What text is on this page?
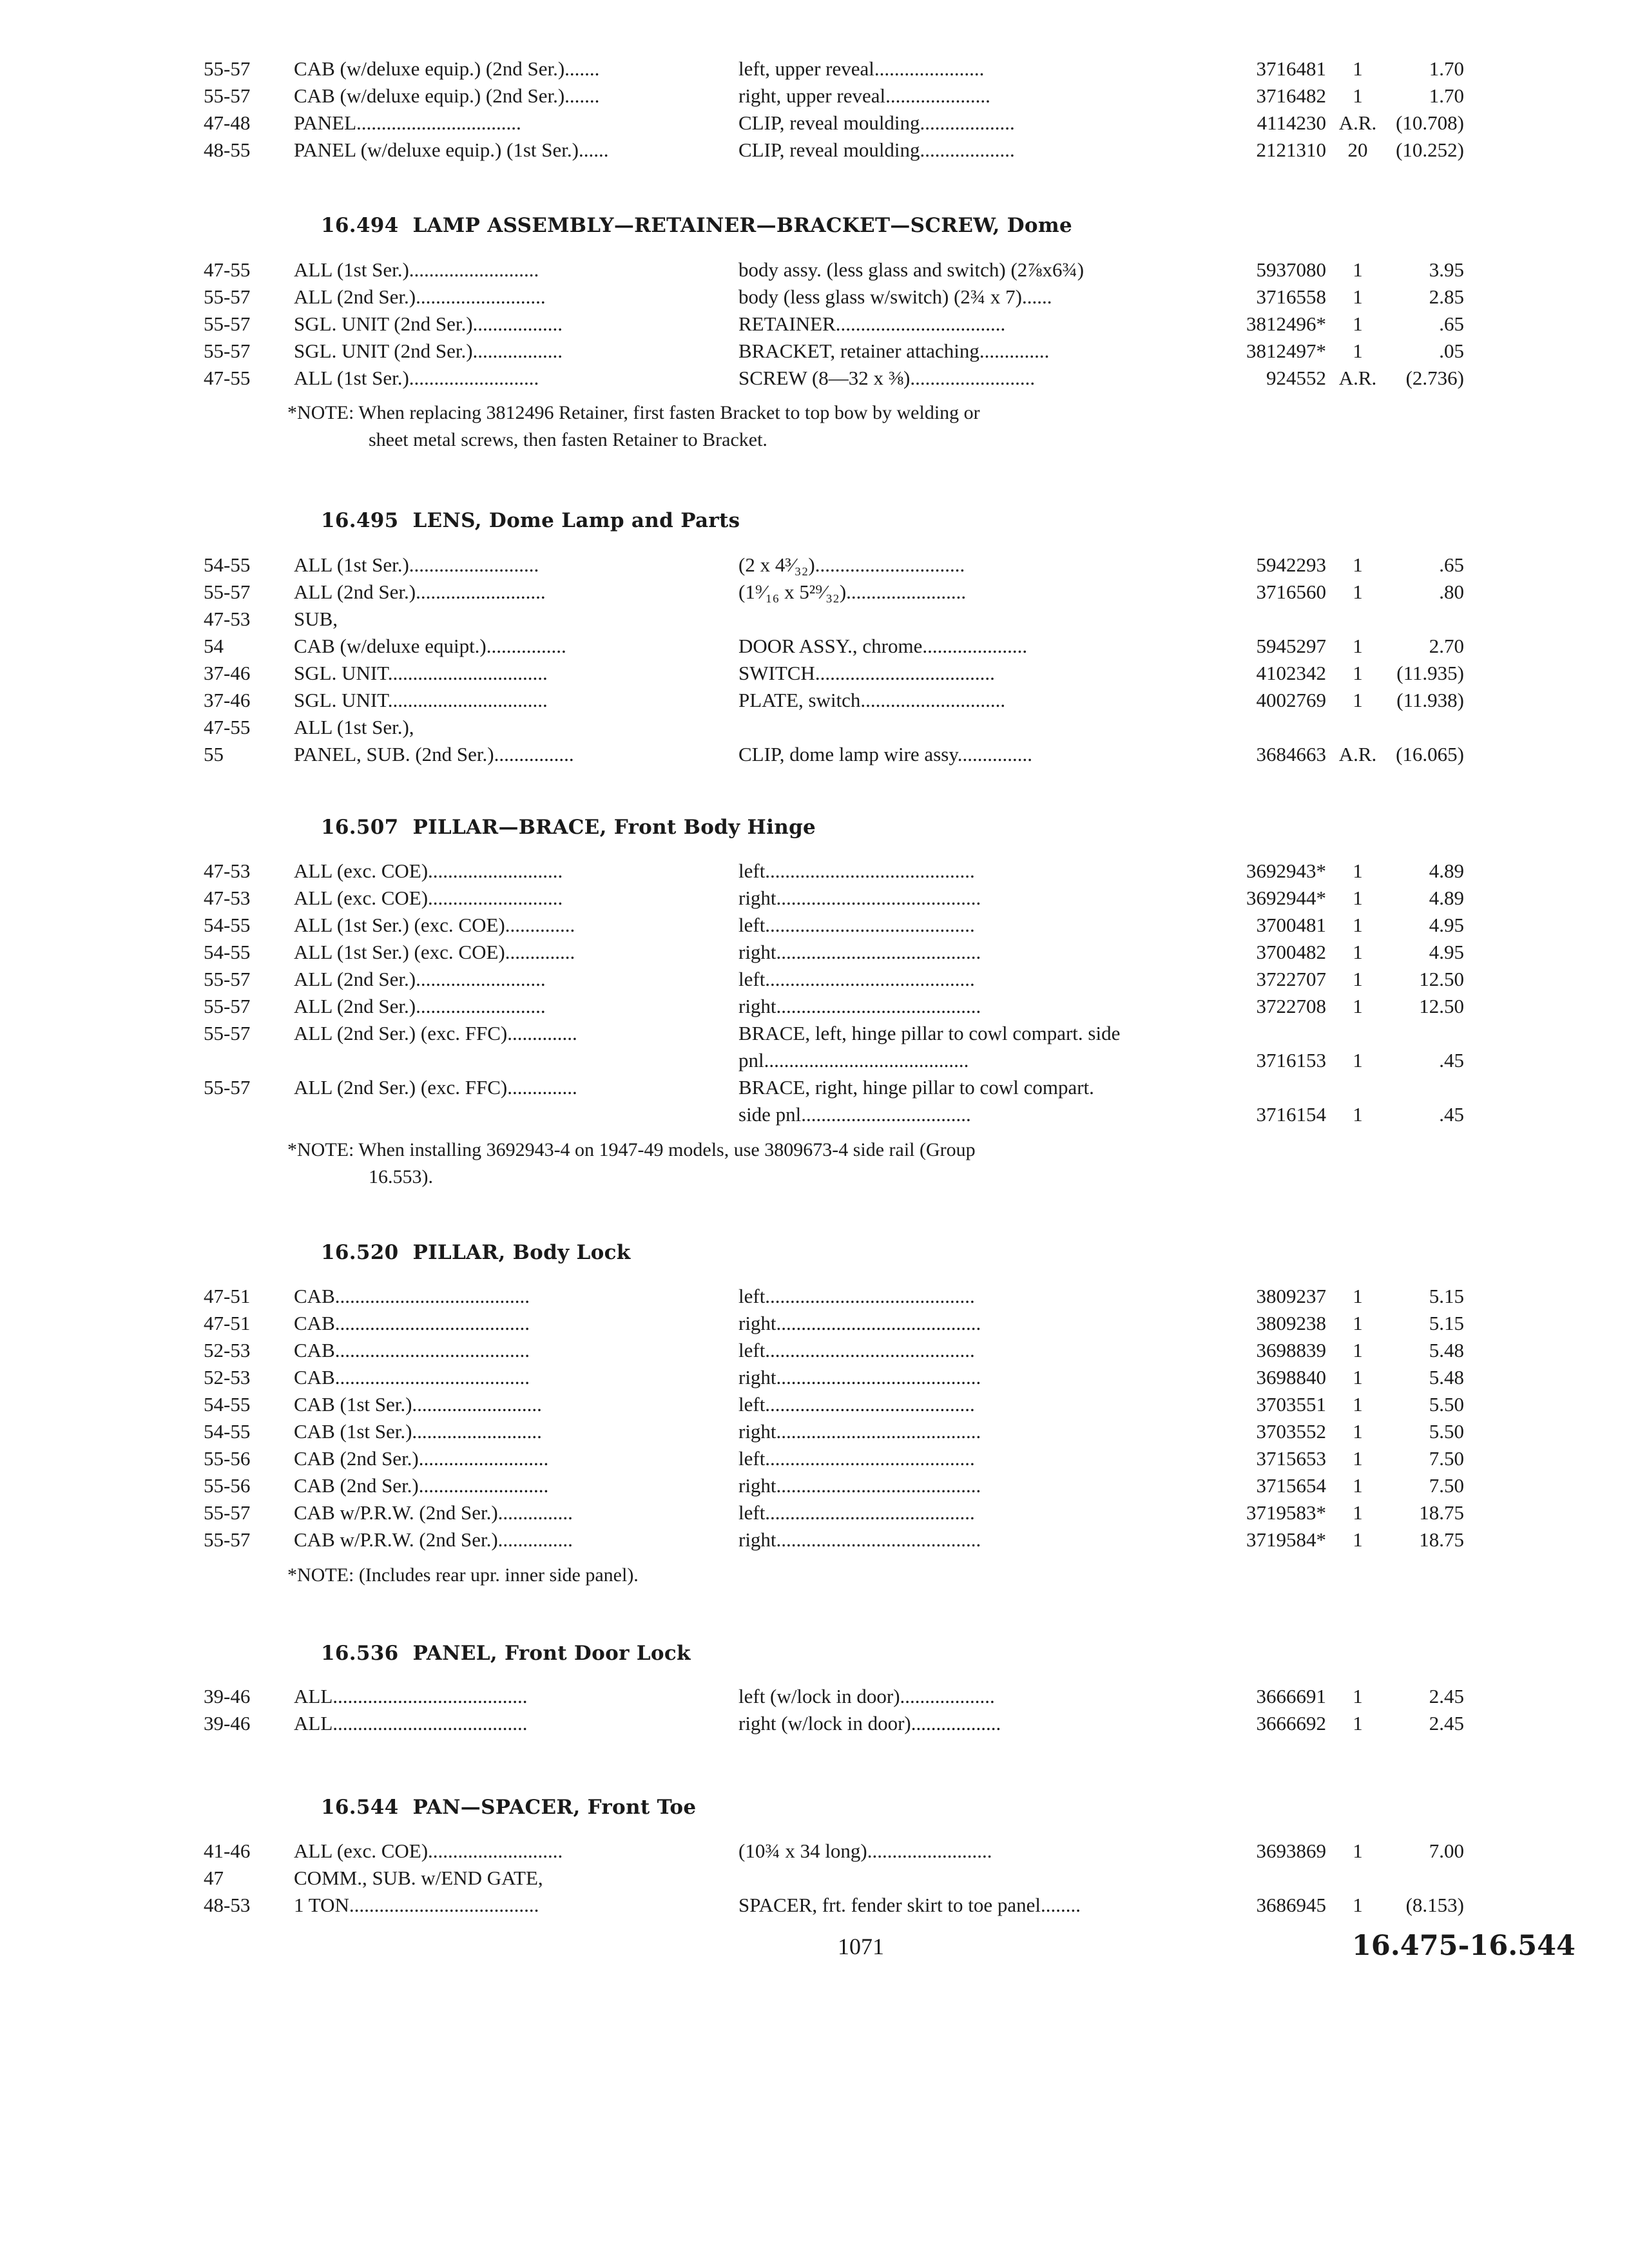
55-57	CAB (w/deluxe equip.) (2nd Ser.).......	left, upper reveal......................	3716481	1	1.70
55-57	CAB (w/deluxe equip.) (2nd Ser.).......	right, upper reveal.....................	3716482	1	1.70
47-48	PANEL.................................	CLIP, reveal moulding...................	4114230 A.R. (10.708)
48-55	PANEL (w/deluxe equip.) (1st Ser.)......	CLIP, reveal moulding...................	2121310	20	(10.252)
16.494 LAMP ASSEMBLY—RETAINER—BRACKET—SCREW, Dome
47-55	ALL (1st Ser.)..........................	body assy. (less glass and switch) (2⅞x6¾)	5937080	1	3.95
55-57	ALL (2nd Ser.)..........................	body (less glass w/switch) (2¾ x 7)......	3716558	1	2.85
55-57	SGL. UNIT (2nd Ser.)..................	RETAINER..................................	3812496*	1	.65
55-57	SGL. UNIT (2nd Ser.)..................	BRACKET, retainer attaching..............	3812497*	1	.05
47-55	ALL (1st Ser.)..........................	SCREW (8—32 x ⅜).........................	924552 A.R.	(2.736)
*NOTE: When replacing 3812496 Retainer, first fasten Bracket to top bow by welding or
sheet metal screws, then fasten Retainer to Bracket.
16.495 LENS, Dome Lamp and Parts
54-55	ALL (1st Ser.)..........................	(2 x 4³⁄₃₂)..............................	5942293	1	.65
55-57	ALL (2nd Ser.)..........................	(1⁹⁄₁₆ x 5²⁹⁄₃₂)........................	3716560	1	.80
47-53	SUB,
54	CAB (w/deluxe equipt.)................	DOOR ASSY., chrome.....................	5945297	1	2.70
37-46	SGL. UNIT................................	SWITCH....................................	4102342	1	(11.935)
37-46	SGL. UNIT................................	PLATE, switch.............................	4002769	1	(11.938)
47-55	ALL (1st Ser.),
55	PANEL, SUB. (2nd Ser.)................	CLIP, dome lamp wire assy...............	3684663 A.R. (16.065)
16.507 PILLAR—BRACE, Front Body Hinge
47-53	ALL (exc. COE)...........................	left..........................................	3692943*	1	4.89
47-53	ALL (exc. COE)...........................	right.........................................	3692944*	1	4.89
54-55	ALL (1st Ser.) (exc. COE)..............	left..........................................	3700481	1	4.95
54-55	ALL (1st Ser.) (exc. COE)..............	right.........................................	3700482	1	4.95
55-57	ALL (2nd Ser.)..........................	left..........................................	3722707	1	12.50
55-57	ALL (2nd Ser.)..........................	right.........................................	3722708	1	12.50
55-57	ALL (2nd Ser.) (exc. FFC)..............	BRACE, left, hinge pillar to cowl compart. side
pnl.........................................	3716153	1	.45
55-57	ALL (2nd Ser.) (exc. FFC)..............	BRACE, right, hinge pillar to cowl compart.
side pnl..................................	3716154	1	.45
*NOTE: When installing 3692943-4 on 1947-49 models, use 3809673-4 side rail (Group
16.553).
16.520 PILLAR, Body Lock
47-51	CAB.......................................	left..........................................	3809237	1	5.15
47-51	CAB.......................................	right.........................................	3809238	1	5.15
52-53	CAB.......................................	left..........................................	3698839	1	5.48
52-53	CAB.......................................	right.........................................	3698840	1	5.48
54-55	CAB (1st Ser.)..........................	left..........................................	3703551	1	5.50
54-55	CAB (1st Ser.)..........................	right.........................................	3703552	1	5.50
55-56	CAB (2nd Ser.)..........................	left..........................................	3715653	1	7.50
55-56	CAB (2nd Ser.)..........................	right.........................................	3715654	1	7.50
55-57	CAB w/P.R.W. (2nd Ser.)...............	left..........................................	3719583*	1	18.75
55-57	CAB w/P.R.W. (2nd Ser.)...............	right.........................................	3719584*	1	18.75
*NOTE: (Includes rear upr. inner side panel).
16.536 PANEL, Front Door Lock
39-46	ALL.......................................	left (w/lock in door)...................	3666691	1	2.45
39-46	ALL.......................................	right (w/lock in door)..................	3666692	1	2.45
16.544 PAN—SPACER, Front Toe
41-46	ALL (exc. COE)...........................	(10¾ x 34 long).........................	3693869	1	7.00
47	COMM., SUB. w/END GATE,
48-53	1 TON......................................	SPACER, frt. fender skirt to toe panel........	3686945	1	(8.153)
1071	16.475-16.544
